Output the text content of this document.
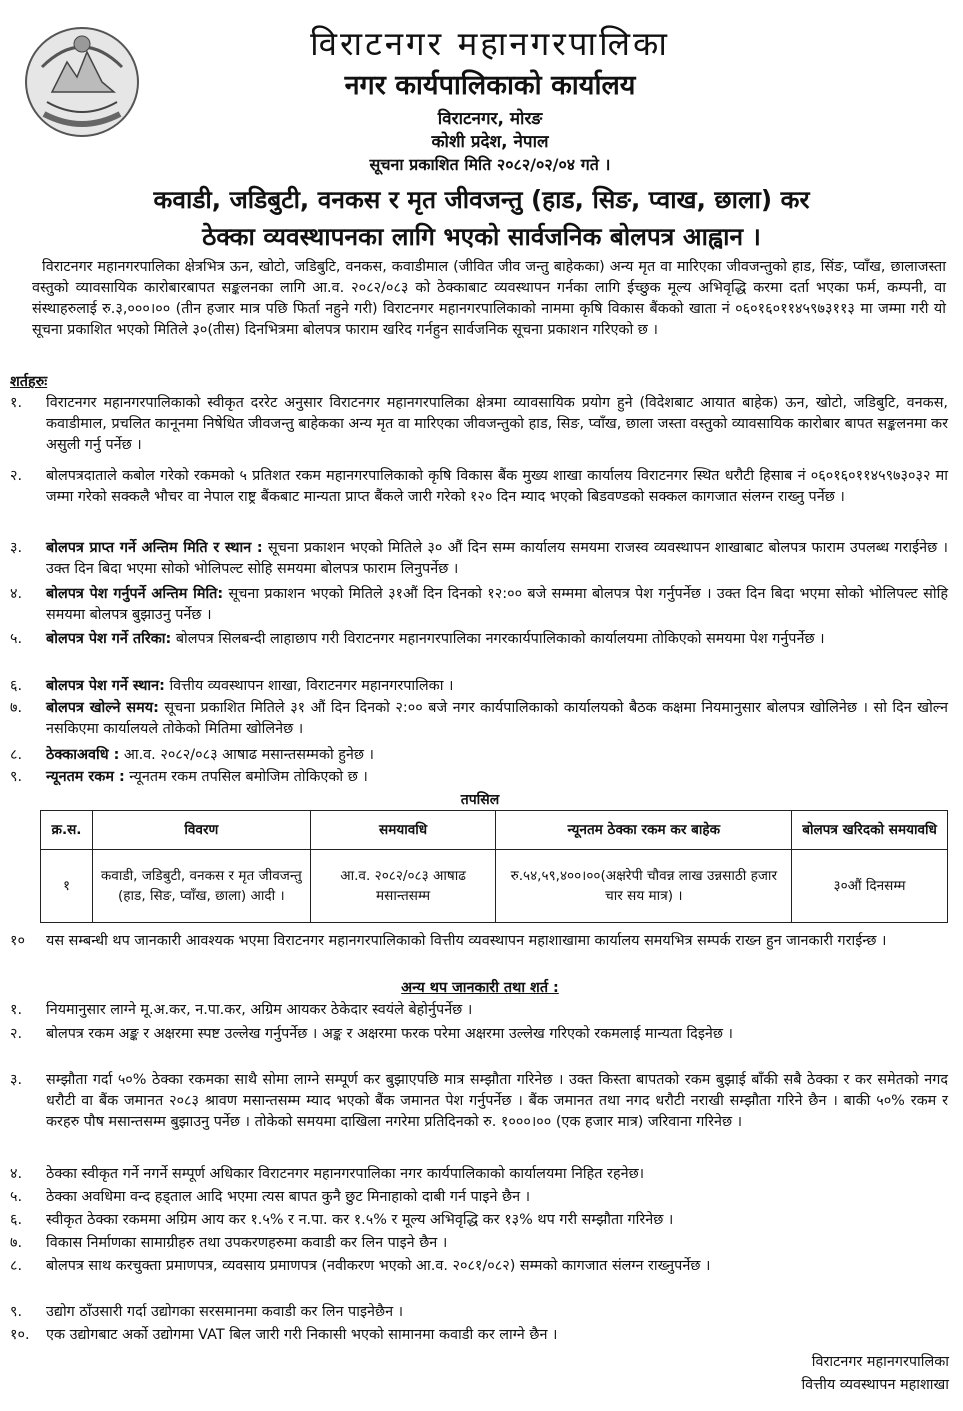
विराटनगर महानगरपालिका
नगर कार्यपालिकाको कार्यालय
विराटनगर, मोरङ
कोशी प्रदेश, नेपाल
सूचना प्रकाशित मिति २०८२/०२/०४ गते ।
कवाडी, जडिबुटी, वनकस र मृत जीवजन्तु (हाड, सिङ, प्वाख, छाला) कर
ठेक्का व्यवस्थापनका लागि भएको सार्वजनिक बोलपत्र आह्वान ।
विराटनगर महानगरपालिका क्षेत्रभित्र ऊन, खोटो, जडिबुटि, वनकस, कवाडीमाल (जीवित जीव जन्तु बाहेकका) अन्य मृत वा मारिएका जीवजन्तुको हाड, सिंङ, प्वाँख, छालाजस्ता वस्तुको व्यावसायिक कारोबारबापत सङ्कलनका लागि आ.व. २०८२/०८३ को ठेक्काबाट व्यवस्थापन गर्नका लागि ईच्छुक मूल्य अभिवृद्धि करमा दर्ता भएका फर्म, कम्पनी, वा संस्थाहरुलाई रु.३,०००।०० (तीन हजार मात्र पछि फिर्ता नहुने गरी) विराटनगर महानगरपालिकाको नाममा कृषि विकास बैंकको खाता नं ०६०१६०११४५९७३११३ मा जम्मा गरी यो सूचना प्रकाशित भएको मितिले ३०(तीस) दिनभित्रमा बोलपत्र फाराम खरिद गर्नहुन सार्वजनिक सूचना प्रकाशन गरिएको छ ।
शर्तहरुः
१.	विराटनगर महानगरपालिकाको स्वीकृत दररेट अनुसार विराटनगर महानगरपालिका क्षेत्रमा व्यावसायिक प्रयोग हुने (विदेशबाट आयात बाहेक) ऊन, खोटो, जडिबुटि, वनकस, कवाडीमाल, प्रचलित कानूनमा निषेधित जीवजन्तु बाहेकका अन्य मृत वा मारिएका जीवजन्तुको हाड, सिङ, प्वाँख, छाला जस्ता वस्तुको व्यावसायिक कारोबार बापत सङ्कलनमा कर असुली गर्नु पर्नेछ ।
२.	बोलपत्रदाताले कबोल गरेको रकमको ५ प्रतिशत रकम महानगरपालिकाको कृषि विकास बैंक मुख्य शाखा कार्यालय विराटनगर स्थित धरौटी हिसाब नं ०६०१६०११४५९७३०३२ मा जम्मा गरेको सक्कलै भौचर वा नेपाल राष्ट्र बैंकबाट मान्यता प्राप्त बैंकले जारी गरेको १२० दिन म्याद भएको बिडवण्डको सक्कल कागजात संलग्न राख्नु पर्नेछ ।
३.	बोलपत्र प्राप्त गर्ने अन्तिम मिति र स्थान : सूचना प्रकाशन भएको मितिले ३० औं दिन सम्म कार्यालय समयमा राजस्व व्यवस्थापन शाखाबाट बोलपत्र फाराम उपलब्ध गराईनेछ । उक्त दिन बिदा भएमा सोको भोलिपल्ट सोहि समयमा बोलपत्र फाराम लिनुपर्नेछ ।
४.	बोलपत्र पेश गर्नुपर्ने अन्तिम मिति: सूचना प्रकाशन भएको मितिले ३१औं दिन दिनको १२:०० बजे सम्ममा बोलपत्र पेश गर्नुपर्नेछ । उक्त दिन बिदा भएमा सोको भोलिपल्ट सोहि समयमा बोलपत्र बुझाउनु पर्नेछ ।
५.	बोलपत्र पेश गर्ने तरिका: बोलपत्र सिलबन्दी लाहाछाप गरी विराटनगर महानगरपालिका नगरकार्यपालिकाको कार्यालयमा तोकिएको समयमा पेश गर्नुपर्नेछ ।
६.	बोलपत्र पेश गर्ने स्थान: वित्तीय व्यवस्थापन शाखा, विराटनगर महानगरपालिका ।
७.	बोलपत्र खोल्ने समय: सूचना प्रकाशित मितिले ३१ औं दिन दिनको २:०० बजे नगर कार्यपालिकाको कार्यालयको बैठक कक्षमा नियमानुसार बोलपत्र खोलिनेछ । सो दिन खोल्न नसकिएमा कार्यालयले तोकेको मितिमा खोलिनेछ ।
८.	ठेक्काअवधि : आ.व. २०८२/०८३ आषाढ मसान्तसम्मको हुनेछ ।
९.	न्यूनतम रकम : न्यूनतम रकम तपसिल बमोजिम तोकिएको छ ।
तपसिल
क्र.स.	विवरण	समयावधि	न्यूनतम ठेक्का रकम कर बाहेक	बोलपत्र खरिदको समयावधि
१	कवाडी, जडिबुटी, वनकस र मृत जीवजन्तु (हाड, सिङ, प्वाँख, छाला) आदी ।	आ.व. २०८२/०८३ आषाढ मसान्तसम्म	रु.५४,५९,४००।००(अक्षरेपी चौवन्न लाख उन्नसाठी हजार चार सय मात्र) ।	३०औं दिनसम्म
१०	यस सम्बन्धी थप जानकारी आवश्यक भएमा विराटनगर महानगरपालिकाको वित्तीय व्यवस्थापन महाशाखामा कार्यालय समयभित्र सम्पर्क राख्न हुन जानकारी गराईन्छ ।
अन्य थप जानकारी तथा शर्त :
१.	नियमानुसार लाग्ने मू.अ.कर, न.पा.कर, अग्रिम आयकर ठेकेदार स्वयंले बेहोर्नुपर्नेछ ।
२.	बोलपत्र रकम अङ्क र अक्षरमा स्पष्ट उल्लेख गर्नुपर्नेछ । अङ्क र अक्षरमा फरक परेमा अक्षरमा उल्लेख गरिएको रकमलाई मान्यता दिइनेछ ।
३.	सम्झौता गर्दा ५०% ठेक्का रकमका साथै सोमा लाग्ने सम्पूर्ण कर बुझाएपछि मात्र सम्झौता गरिनेछ । उक्त किस्ता बापतको रकम बुझाई बाँकी सबै ठेक्का र कर समेतको नगद धरौटी वा बैंक जमानत २०८३ श्रावण मसान्तसम्म म्याद भएको बैंक जमानत पेश गर्नुपर्नेछ । बैंक जमानत तथा नगद धरौटी नराखी सम्झौता गरिने छैन । बाकी ५०% रकम र करहरु पौष मसान्तसम्म बुझाउनु पर्नेछ । तोकेको समयमा दाखिला नगरेमा प्रतिदिनको रु. १०००।०० (एक हजार मात्र) जरिवाना गरिनेछ ।
४.	ठेक्का स्वीकृत गर्ने नगर्ने सम्पूर्ण अधिकार विराटनगर महानगरपालिका नगर कार्यपालिकाको कार्यालयमा निहित रहनेछ।
५.	ठेक्का अवधिमा वन्द हड्ताल आदि भएमा त्यस बापत कुनै छुट मिनाहाको दाबी गर्न पाइने छैन ।
६.	स्वीकृत ठेक्का रकममा अग्रिम आय कर १.५% र न.पा. कर १.५% र मूल्य अभिवृद्धि कर १३% थप गरी सम्झौता गरिनेछ ।
७.	विकास निर्माणका सामाग्रीहरु तथा उपकरणहरुमा कवाडी कर लिन पाइने छैन ।
८.	बोलपत्र साथ करचुक्ता प्रमाणपत्र, व्यवसाय प्रमाणपत्र (नवीकरण भएको आ.व. २०८१/०८२) सम्मको कागजात संलग्न राख्नुपर्नेछ ।
९.	उद्योग ठाँउसारी गर्दा उद्योगका सरसमानमा कवाडी कर लिन पाइनेछैन ।
१०.	एक उद्योगबाट अर्को उद्योगमा VAT बिल जारी गरी निकासी भएको सामानमा कवाडी कर लाग्ने छैन ।
विराटनगर महानगरपालिका
वित्तीय व्यवस्थापन महाशाखा
